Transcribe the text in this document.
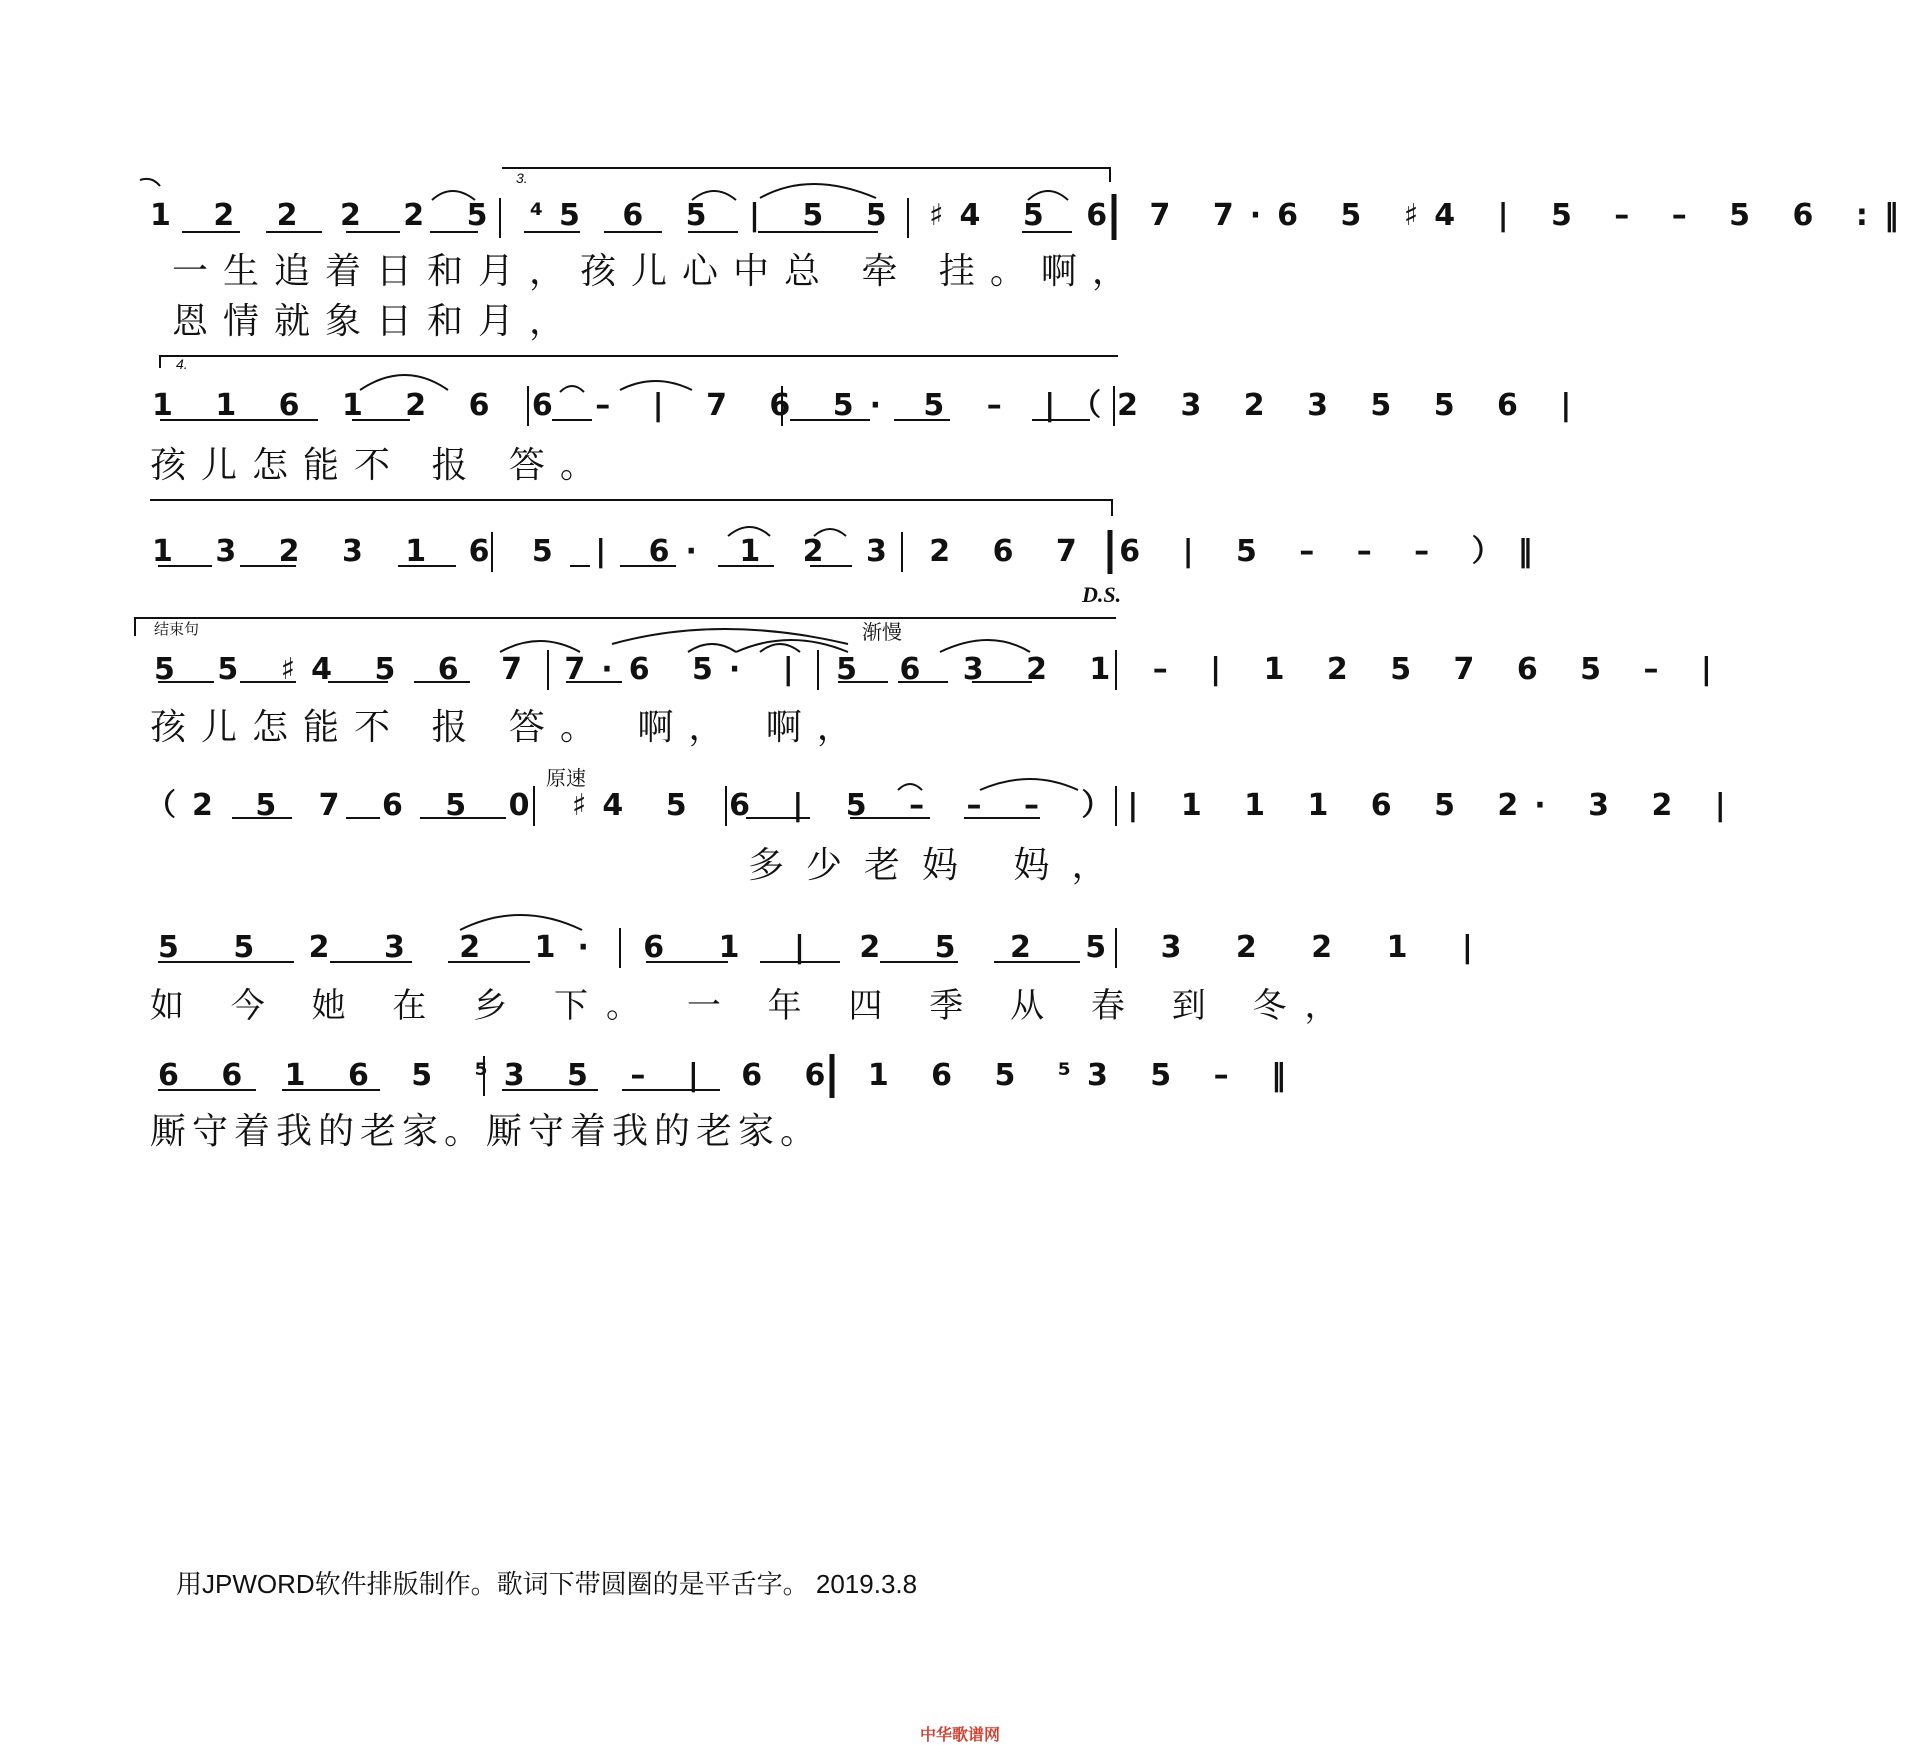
3.
1 2 2 2 2 5 ⁴5 6 5 | 5 5 ♯4 5 6 7 7·6 5 ♯4 | 5 – – 5 6 :‖
一生追着日和月，孩儿心中总 牵 挂。啊，
恩情就象日和月，
4.
1 1 6 1 2 6 6 – | 7 6 5· 5 – |（2 3 2 3 5 5 6 |
孩儿怎能不 报 答。
1 3 2 3 1 6 5 | 6· 1 2 3 2 6 7 6 | 5 – – – ）‖
D.S.
结束句	渐慢
5 5 ♯4 5 6 7 7·6 5· | 5 6 3 2 1 – | 1 2 5 7 6 5 – |
孩儿怎能不 报 答。 啊， 啊，
原速
（2 5 7 6 5 0 ♯4 5 6 | 5 – – – ）| 1 1 1 6 5 2· 3 2 |
多少老妈 妈，
5 5 2 3 2 1· 6 1 | 2 5 2 5 3 2 2 1 |
如 今 她 在 乡 下。 一 年 四 季 从 春 到 冬，
6 6 1 6 5 ⁵3 5 – | 6 6 1 6 5 ⁵3 5 – ‖
厮守着我的老家。厮守着我的老家。
用JPWORD软件排版制作。歌词下带圆圈的是平舌字。 2019.3.8
中华歌谱网
